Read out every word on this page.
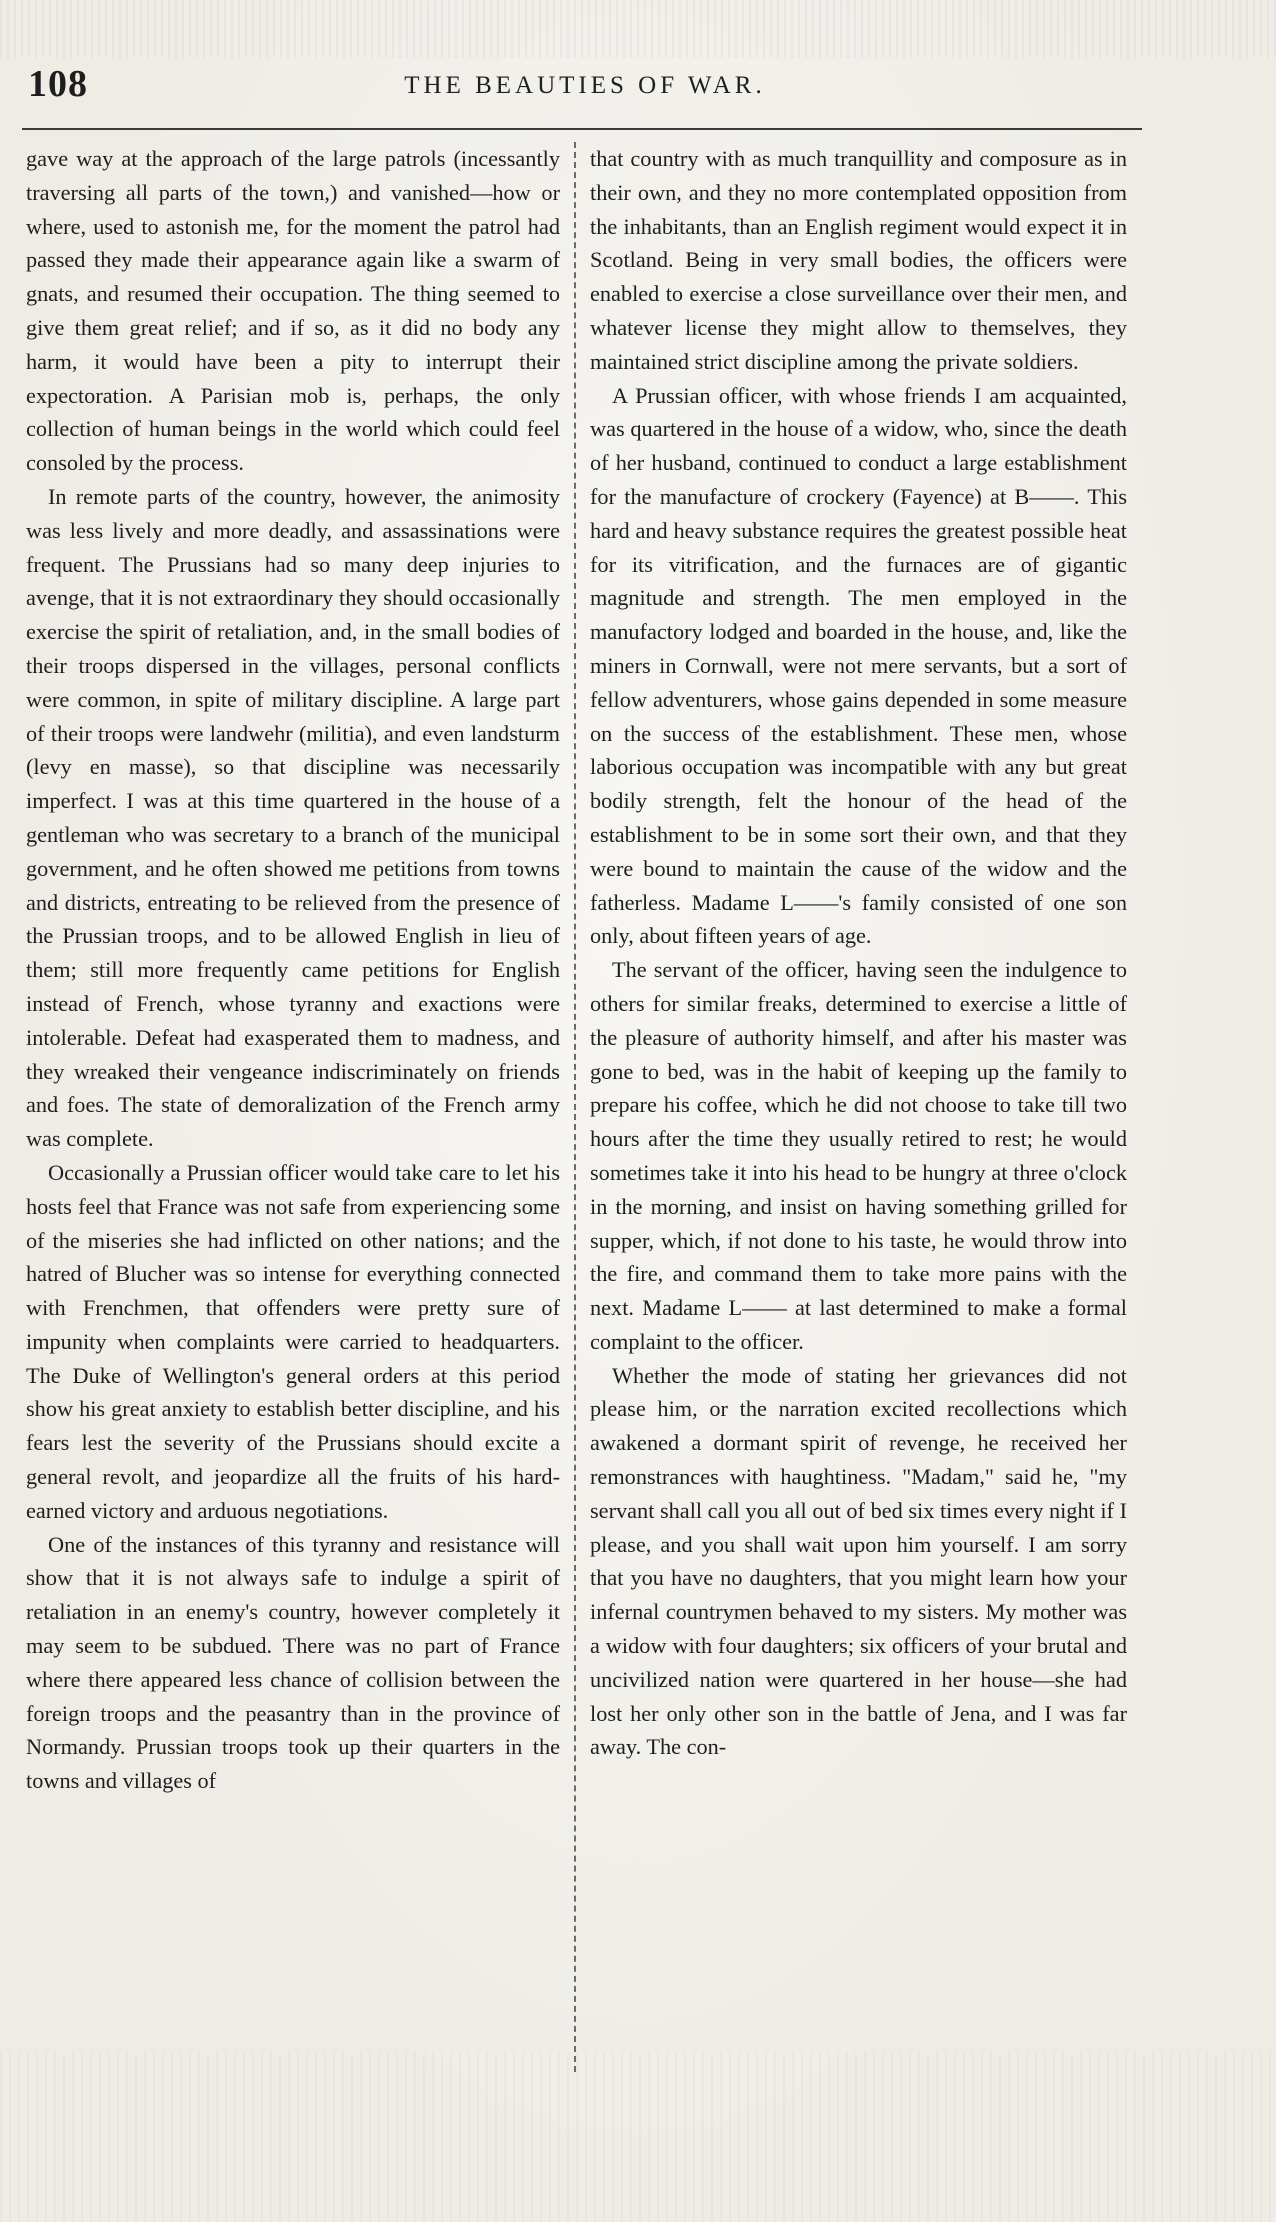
108	THE BEAUTIES OF WAR.

gave way at the approach of the large patrols (incessantly traversing all parts of the town,) and vanished—how or where, used to astonish me, for the moment the patrol had passed they made their appearance again like a swarm of gnats, and resumed their occupation. The thing seemed to give them great relief; and if so, as it did no body any harm, it would have been a pity to interrupt their expectoration. A Parisian mob is, perhaps, the only collection of human beings in the world which could feel consoled by the process.

In remote parts of the country, however, the animosity was less lively and more deadly, and assassinations were frequent. The Prussians had so many deep injuries to avenge, that it is not extraordinary they should occasionally exercise the spirit of retaliation, and, in the small bodies of their troops dispersed in the villages, personal conflicts were common, in spite of military discipline. A large part of their troops were landwehr (militia), and even landsturm (levy en masse), so that discipline was necessarily imperfect. I was at this time quartered in the house of a gentleman who was secretary to a branch of the municipal government, and he often showed me petitions from towns and districts, entreating to be relieved from the presence of the Prussian troops, and to be allowed English in lieu of them; still more frequently came petitions for English instead of French, whose tyranny and exactions were intolerable. Defeat had exasperated them to madness, and they wreaked their vengeance indiscriminately on friends and foes. The state of demoralization of the French army was complete.

Occasionally a Prussian officer would take care to let his hosts feel that France was not safe from experiencing some of the miseries she had inflicted on other nations; and the hatred of Blucher was so intense for everything connected with Frenchmen, that offenders were pretty sure of impunity when complaints were carried to headquarters. The Duke of Wellington's general orders at this period show his great anxiety to establish better discipline, and his fears lest the severity of the Prussians should excite a general revolt, and jeopardize all the fruits of his hard-earned victory and arduous negotiations.

One of the instances of this tyranny and resistance will show that it is not always safe to indulge a spirit of retaliation in an enemy's country, however completely it may seem to be subdued. There was no part of France where there appeared less chance of collision between the foreign troops and the peasantry than in the province of Normandy. Prussian troops took up their quarters in the towns and villages of

that country with as much tranquillity and composure as in their own, and they no more contemplated opposition from the inhabitants, than an English regiment would expect it in Scotland. Being in very small bodies, the officers were enabled to exercise a close surveillance over their men, and whatever license they might allow to themselves, they maintained strict discipline among the private soldiers.

A Prussian officer, with whose friends I am acquainted, was quartered in the house of a widow, who, since the death of her husband, continued to conduct a large establishment for the manufacture of crockery (Fayence) at B——. This hard and heavy substance requires the greatest possible heat for its vitrification, and the furnaces are of gigantic magnitude and strength. The men employed in the manufactory lodged and boarded in the house, and, like the miners in Cornwall, were not mere servants, but a sort of fellow adventurers, whose gains depended in some measure on the success of the establishment. These men, whose laborious occupation was incompatible with any but great bodily strength, felt the honour of the head of the establishment to be in some sort their own, and that they were bound to maintain the cause of the widow and the fatherless. Madame L——'s family consisted of one son only, about fifteen years of age.

The servant of the officer, having seen the indulgence to others for similar freaks, determined to exercise a little of the pleasure of authority himself, and after his master was gone to bed, was in the habit of keeping up the family to prepare his coffee, which he did not choose to take till two hours after the time they usually retired to rest; he would sometimes take it into his head to be hungry at three o'clock in the morning, and insist on having something grilled for supper, which, if not done to his taste, he would throw into the fire, and command them to take more pains with the next. Madame L—— at last determined to make a formal complaint to the officer.

Whether the mode of stating her grievances did not please him, or the narration excited recollections which awakened a dormant spirit of revenge, he received her remonstrances with haughtiness. "Madam," said he, "my servant shall call you all out of bed six times every night if I please, and you shall wait upon him yourself. I am sorry that you have no daughters, that you might learn how your infernal countrymen behaved to my sisters. My mother was a widow with four daughters; six officers of your brutal and uncivilized nation were quartered in her house—she had lost her only other son in the battle of Jena, and I was far away. The con-
